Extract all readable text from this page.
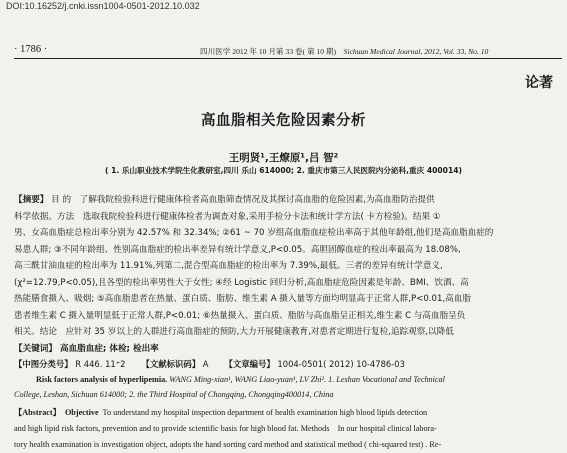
DOI:10.16252/j.cnki.issn1004-0501-2012.10.032
· 1786 ·	四川医学 2012 年 10 月第 33 卷( 第 10 期) Sichuan Medical Journal, 2012, Vol. 33, No. 10
论著
高血脂相关危险因素分析
王明贤¹,王燎原¹,吕 智²
( 1. 乐山职业技术学院生化教研室,四川 乐山 614000; 2. 重庆市第三人民医院内分泌科,重庆 400014)
【摘要】 目 的　了解我院检验科进行健康体检者高血脂筛查情况及其探讨高血脂的危险因素,为高血脂防治提供
科学依据。方法　选取我院检验科进行健康体检者为调查对象,采用手检分卡法和统计学方法( 卡方检验)。结果 ①
男、女高血脂症总检出率分别为 42.57% 和 32.34%; ②61 ~ 70 岁组高血脂血症检出率高于其他年龄组,他们是高血脂血症的
易患人群; ③不同年龄组、性别高血脂症的检出率差异有统计学意义,P<0.05。高胆固醇血症的检出率最高为 18.08%,
高三酰甘油血症的检出率为 11.91%,列第二,混合型高血脂症的检出率为 7.39%,最低。三者的差异有统计学意义,
(χ²=12.79,P<0.05),且各型的检出率男性大于女性; ④经 Logistic 回归分析,高血脂症危险因素是年龄、BMI、饮酒、高
热能膳食摄入、吸烟; ⑤高血脂患者在热量、蛋白质、脂肪、维生素 A 摄入量等方面均明显高于正常人群,P<0.01,高血脂
患者维生素 C 摄入量明显低于正常人群,P<0.01; ⑥热量摄入、蛋白质、脂肪与高血脂呈正相关,维生素 C 与高血脂呈负
相关。结论　应针对 35 岁以上的人群进行高血脂症的预防,大力开展健康教育,对患者定期进行复检,追踪观察,以降低
【关键词】 高血脂血症; 体检; 检出率
【中图分类号】 R 446. 11⁺2 【文献标识码】 A 【文章编号】 1004-0501( 2012) 10-4786-03
Risk factors analysis of hyperlipemia. WANG Ming-xian¹, WANG Liao-yuan¹, LV Zhi². 1. Leshan Vocational and Technical
College, Leshan, Sichuan 614000; 2. the Third Hospital of Chongqing, Chongqing400014, China
【Abstract】 Objective To understand my hospital inspection department of health examination high blood lipids detection
and high lipid risk factors, prevention and to provide scientific basis for high blood fat. Methods　In our hospital clinical labora-
tory health examination is investigation object, adopts the hand sorting card method and statistical method ( chi-squared test) . Re-
